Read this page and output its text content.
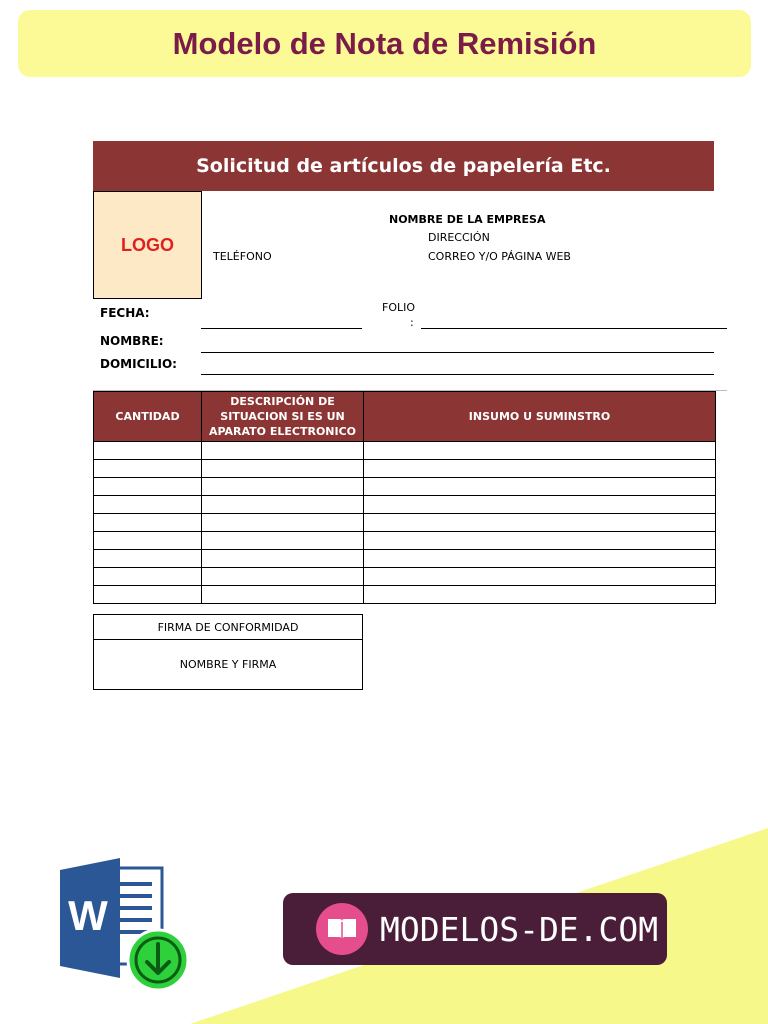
Modelo de Nota de Remisión
Solicitud de artículos de papelería Etc.
LOGO
NOMBRE DE LA EMPRESA
DIRECCIÓN
TELÉFONO	CORREO Y/O PÁGINA WEB
FECHA:	FOLIO
:
NOMBRE:
DOMICILIO:
CANTIDAD	DESCRIPCIÓN DE SITUACION SI ES UN APARATO ELECTRONICO	INSUMO U SUMINSTRO

FIRMA DE CONFORMIDAD
NOMBRE Y FIRMA
W	MODELOS-DE.COM
